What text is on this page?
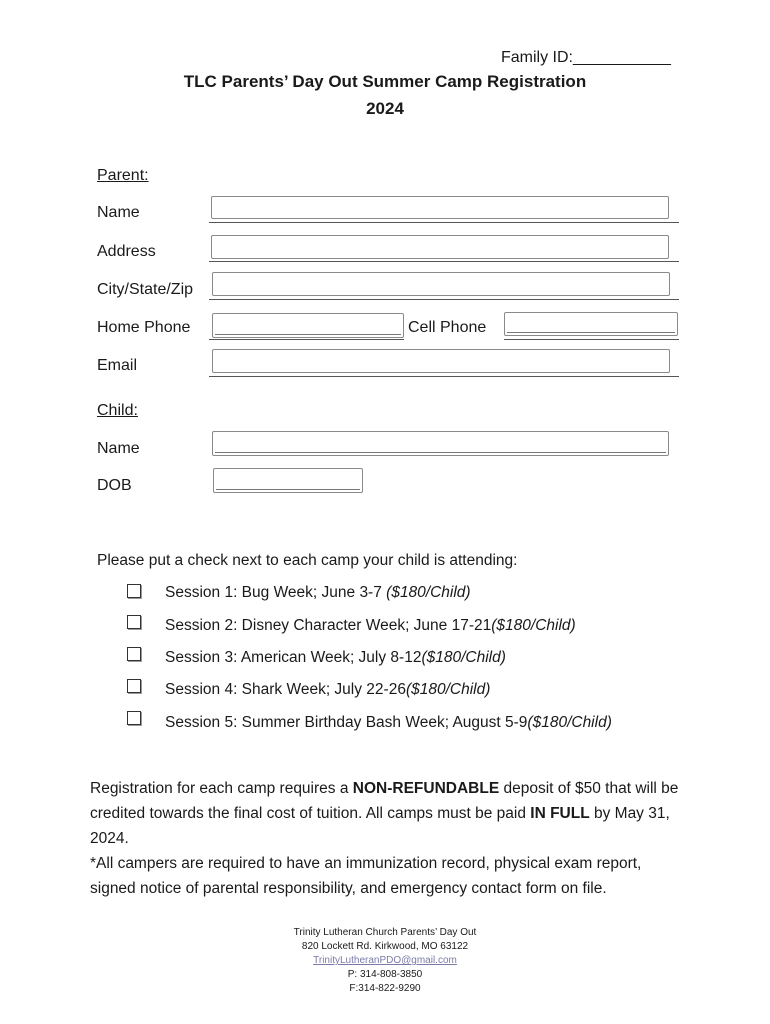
Family ID:___________
TLC Parents’ Day Out Summer Camp Registration
2024
Parent:
Name
Address
City/State/Zip
Home Phone	Cell Phone
Email
Child:
Name
DOB
Please put a check next to each camp your child is attending:
Session 1: Bug Week; June 3-7 ($180/Child)
Session 2: Disney Character Week; June 17-21($180/Child)
Session 3: American Week; July 8-12($180/Child)
Session 4: Shark Week; July 22-26($180/Child)
Session 5: Summer Birthday Bash Week; August 5-9($180/Child)
Registration for each camp requires a NON-REFUNDABLE deposit of $50 that will be credited towards the final cost of tuition. All camps must be paid IN FULL by May 31, 2024.
*All campers are required to have an immunization record, physical exam report, signed notice of parental responsibility, and emergency contact form on file.
Trinity Lutheran Church Parents’ Day Out
820 Lockett Rd. Kirkwood, MO 63122
TrinityLutheranPDO@gmail.com
P: 314-808-3850
F:314-822-9290
